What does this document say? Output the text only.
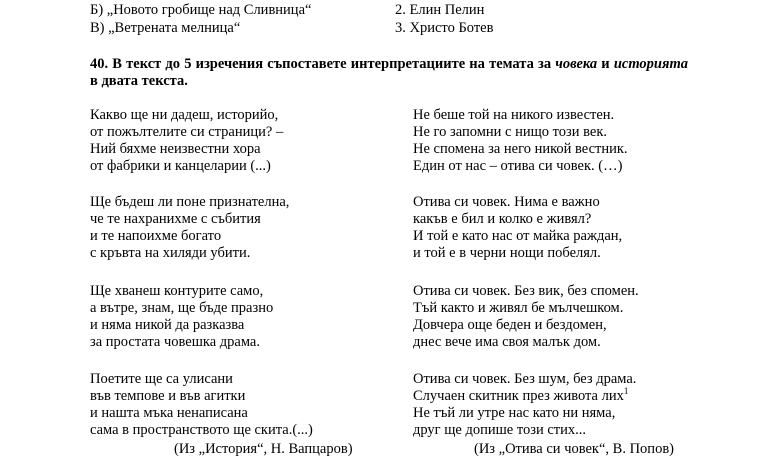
Б) „Новото гробище над Сливница“
В) „Ветрената мелница“
2. Елин Пелин
3. Христо Ботев
40. В текст до 5 изречения съпоставете интерпретациите на темата за човека и историята в двата текста.
Какво ще ни дадеш, историйо,
от пожълтелите си страници? –
Ний бяхме неизвестни хора
от фабрики и канцеларии (...)
Ще бъдеш ли поне признателна,
че те нахранихме с събития
и те напоихме богато
с кръвта на хиляди убити.
Ще хванеш контурите само,
а вътре, знам, ще бъде празно
и няма никой да разказва
за простата човешка драма.
Поетите ще са улисани
във темпове и във агитки
и нашта мъка ненаписана
сама в пространството ще скита.(...)
(Из „История“, Н. Вапцаров)
Не беше той на никого известен.
Не го запомни с нищо този век.
Не спомена за него никой вестник.
Един от нас – отива си човек. (…)
Отива си човек. Нима е важно
какъв е бил и колко е живял?
И той е като нас от майка раждан,
и той е в черни нощи побелял.
Отива си човек. Без вик, без спомен.
Тъй както и живял бе мълчешком.
Довчера още беден и бездомен,
днес вече има своя малък дом.
Отива си човек. Без шум, без драма.
Случаен скитник през живота лих$^1$
Не тъй ли утре нас като ни няма,
друг ще допише този стих...
(Из „Отива си човек“, В. Попов)
